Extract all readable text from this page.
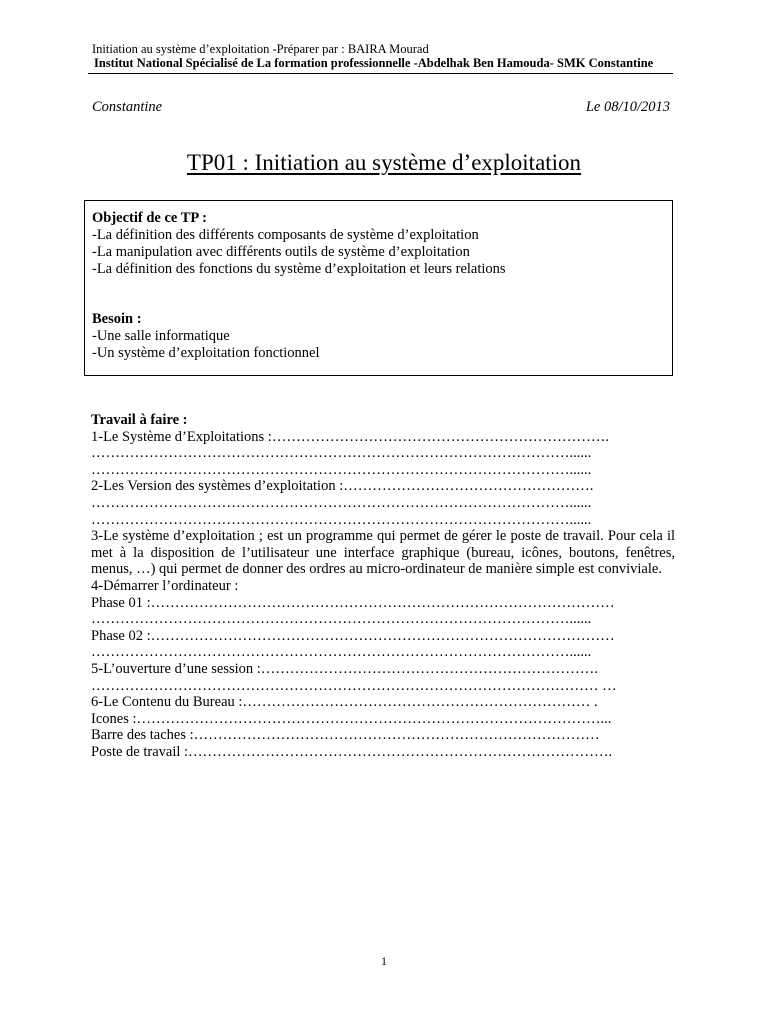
Initiation au système d’exploitation -Préparer par : BAIRA Mourad
Institut National Spécialisé de La formation professionnelle -Abdelhak Ben Hamouda- SMK Constantine
Constantine	Le 08/10/2013
TP01 : Initiation au système d’exploitation
Objectif de ce TP :
-La définition des différents composants de système d’exploitation
-La manipulation avec différents outils de système d’exploitation
-La définition des fonctions du système d’exploitation et leurs relations
Besoin :
-Une salle informatique
-Un système d’exploitation fonctionnel
Travail à faire :
1-Le Système d’Exploitations :…………………………………………………………….
………………………………………………………………………………………......
………………………………………………………………………………………......
2-Les Version des systèmes d’exploitation :…………………………………………….
………………………………………………………………………………………......
………………………………………………………………………………………......
3-Le système d’exploitation ; est un programme qui permet de gérer le poste de travail. Pour cela il met à la disposition de l’utilisateur une interface graphique (bureau, icônes, boutons, fenêtres, menus, …) qui permet de donner des ordres au micro-ordinateur de manière simple est conviviale.
4-Démarrer l’ordinateur :
Phase 01 :……………………………………………………………………………………
………………………………………………………………………………………......
Phase 02 :……………………………………………………………………………………
………………………………………………………………………………………......
5-L’ouverture d’une session :…………………………………………………………….
…………………………………………………………………………………………… …
6-Le Contenu du Bureau :……………………………………………………………… .
Icones :……………………………………………………………………………………...
Barre des taches :…………………………………………………………………………
Poste de travail :…………………………………………………………………………….
1
